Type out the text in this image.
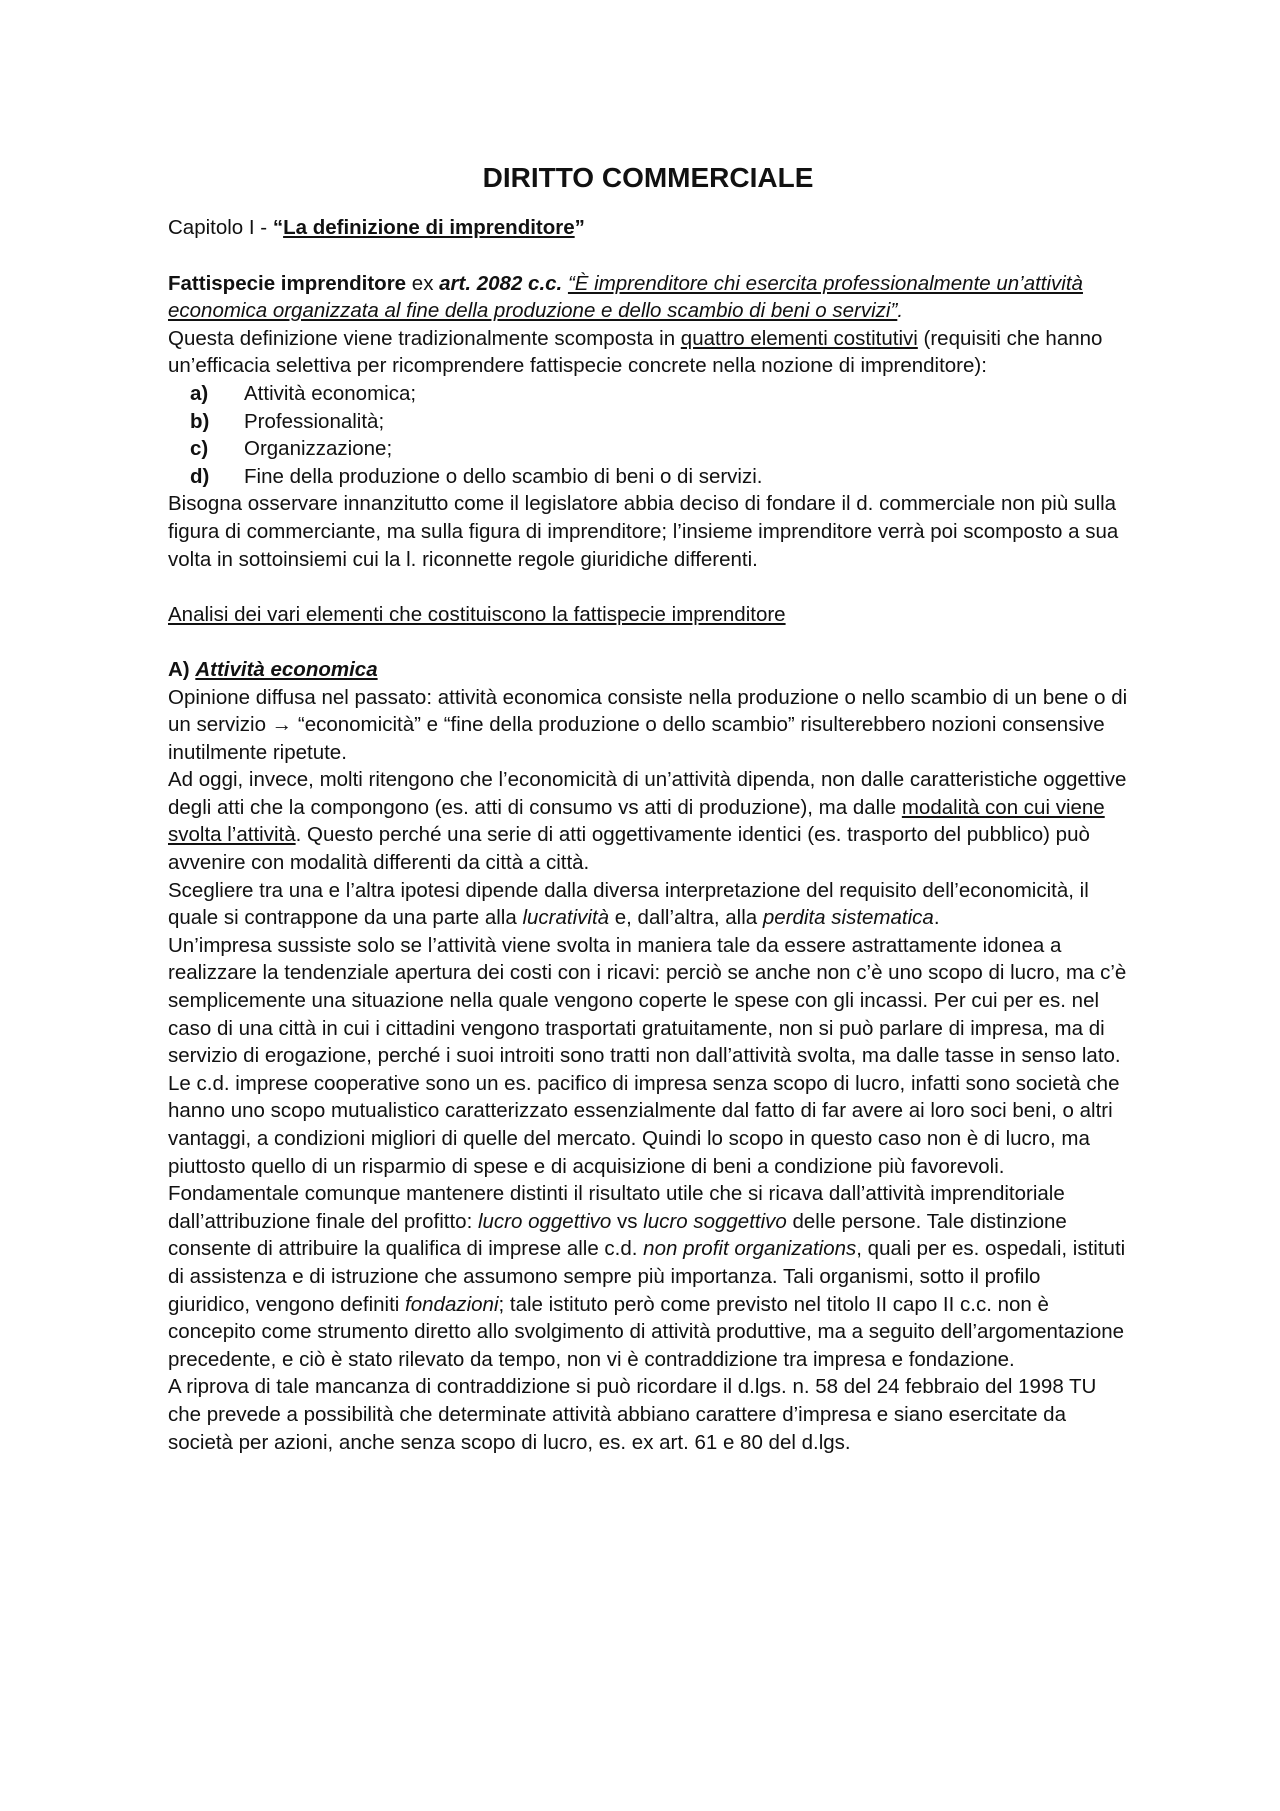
DIRITTO COMMERCIALE
Capitolo I - “La definizione di imprenditore”

Fattispecie imprenditore ex art. 2082 c.c. “È imprenditore chi esercita professionalmente un’attività economica organizzata al fine della produzione e dello scambio di beni o servizi”.

Questa definizione viene tradizionalmente scomposta in quattro elementi costitutivi (requisiti che hanno un’efficacia selettiva per ricomprendere fattispecie concrete nella nozione di imprenditore):

a)	Attività economica;
b)	Professionalità;
c)	Organizzazione;
d)	Fine della produzione o dello scambio di beni o di servizi.

Bisogna osservare innanzitutto come il legislatore abbia deciso di fondare il d. commerciale non più sulla figura di commerciante, ma sulla figura di imprenditore; l’insieme imprenditore verrà poi scomposto a sua volta in sottoinsiemi cui la l. riconnette regole giuridiche differenti.

Analisi dei vari elementi che costituiscono la fattispecie imprenditore

A) Attività economica

Opinione diffusa nel passato: attività economica consiste nella produzione o nello scambio di un bene o di un servizio → “economicità” e “fine della produzione o dello scambio” risulterebbero nozioni consensive inutilmente ripetute.

Ad oggi, invece, molti ritengono che l’economicità di un’attività dipenda, non dalle caratteristiche oggettive degli atti che la compongono (es. atti di consumo vs atti di produzione), ma dalle modalità con cui viene svolta l’attività. Questo perché una serie di atti oggettivamente identici (es. trasporto del pubblico) può avvenire con modalità differenti da città a città.

Scegliere tra una e l’altra ipotesi dipende dalla diversa interpretazione del requisito dell’economicità, il quale si contrappone da una parte alla lucratività e, dall’altra, alla perdita sistematica.

Un’impresa sussiste solo se l’attività viene svolta in maniera tale da essere astrattamente idonea a realizzare la tendenziale apertura dei costi con i ricavi: perciò se anche non c’è uno scopo di lucro, ma c’è semplicemente una situazione nella quale vengono coperte le spese con gli incassi. Per cui per es. nel caso di una città in cui i cittadini vengono trasportati gratuitamente, non si può parlare di impresa, ma di servizio di erogazione, perché i suoi introiti sono tratti non dall’attività svolta, ma dalle tasse in senso lato.

Le c.d. imprese cooperative sono un es. pacifico di impresa senza scopo di lucro, infatti sono società che hanno uno scopo mutualistico caratterizzato essenzialmente dal fatto di far avere ai loro soci beni, o altri vantaggi, a condizioni migliori di quelle del mercato. Quindi lo scopo in questo caso non è di lucro, ma piuttosto quello di un risparmio di spese e di acquisizione di beni a condizione più favorevoli.

Fondamentale comunque mantenere distinti il risultato utile che si ricava dall’attività imprenditoriale dall’attribuzione finale del profitto: lucro oggettivo vs lucro soggettivo delle persone. Tale distinzione consente di attribuire la qualifica di imprese alle c.d. non profit organizations, quali per es. ospedali, istituti di assistenza e di istruzione che assumono sempre più importanza. Tali organismi, sotto il profilo giuridico, vengono definiti fondazioni; tale istituto però come previsto nel titolo II capo II c.c. non è concepito come strumento diretto allo svolgimento di attività produttive, ma a seguito dell’argomentazione precedente, e ciò è stato rilevato da tempo, non vi è contraddizione tra impresa e fondazione.

A riprova di tale mancanza di contraddizione si può ricordare il d.lgs. n. 58 del 24 febbraio del 1998 TU che prevede a possibilità che determinate attività abbiano carattere d’impresa e siano esercitate da società per azioni, anche senza scopo di lucro, es. ex art. 61 e 80 del d.lgs.
